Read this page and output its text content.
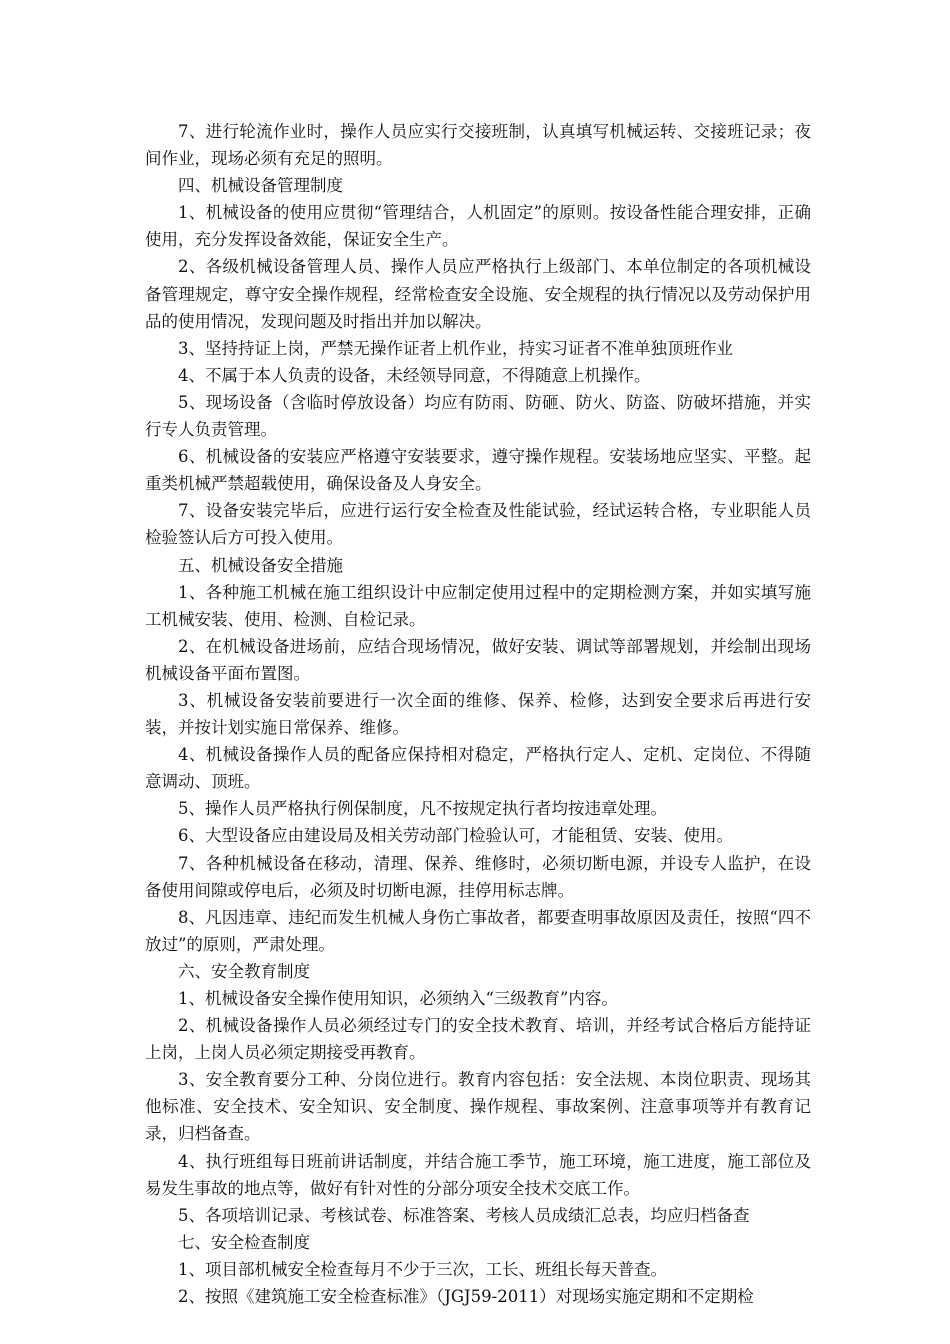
7、进行轮流作业时，操作人员应实行交接班制，认真填写机械运转、交接班记录；夜间作业，现场必须有充足的照明。

四、机械设备管理制度

1、机械设备的使用应贯彻“管理结合，人机固定”的原则。按设备性能合理安排，正确使用，充分发挥设备效能，保证安全生产。

2、各级机械设备管理人员、操作人员应严格执行上级部门、本单位制定的各项机械设备管理规定，尊守安全操作规程，经常检查安全设施、安全规程的执行情况以及劳动保护用品的使用情况，发现问题及时指出并加以解决。

3、坚持持证上岗，严禁无操作证者上机作业，持实习证者不准单独顶班作业

4、不属于本人负责的设备，未经领导同意，不得随意上机操作。

5、现场设备（含临时停放设备）均应有防雨、防砸、防火、防盗、防破坏措施，并实行专人负责管理。

6、机械设备的安装应严格遵守安装要求，遵守操作规程。安装场地应坚实、平整。起重类机械严禁超载使用，确保设备及人身安全。

7、设备安装完毕后，应进行运行安全检查及性能试验，经试运转合格，专业职能人员检验签认后方可投入使用。

五、机械设备安全措施

1、各种施工机械在施工组织设计中应制定使用过程中的定期检测方案，并如实填写施工机械安装、使用、检测、自检记录。

2、在机械设备进场前，应结合现场情况，做好安装、调试等部署规划，并绘制出现场机械设备平面布置图。

3、机械设备安装前要进行一次全面的维修、保养、检修，达到安全要求后再进行安装，并按计划实施日常保养、维修。

4、机械设备操作人员的配备应保持相对稳定，严格执行定人、定机、定岗位、不得随意调动、顶班。

5、操作人员严格执行例保制度，凡不按规定执行者均按违章处理。

6、大型设备应由建设局及相关劳动部门检验认可，才能租赁、安装、使用。

7、各种机械设备在移动，清理、保养、维修时，必须切断电源，并设专人监护，在设备使用间隙或停电后，必须及时切断电源，挂停用标志牌。

8、凡因违章、违纪而发生机械人身伤亡事故者，都要查明事故原因及责任，按照“四不放过”的原则，严肃处理。

六、安全教育制度

1、机械设备安全操作使用知识，必须纳入“三级教育”内容。

2、机械设备操作人员必须经过专门的安全技术教育、培训，并经考试合格后方能持证上岗，上岗人员必须定期接受再教育。

3、安全教育要分工种、分岗位进行。教育内容包括：安全法规、本岗位职责、现场其他标准、安全技术、安全知识、安全制度、操作规程、事故案例、注意事项等并有教育记录，归档备查。

4、执行班组每日班前讲话制度，并结合施工季节，施工环境，施工进度，施工部位及易发生事故的地点等，做好有针对性的分部分项安全技术交底工作。

5、各项培训记录、考核试卷、标准答案、考核人员成绩汇总表，均应归档备查

七、安全检查制度

1、项目部机械安全检查每月不少于三次，工长、班组长每天普查。

2、按照《建筑施工安全检查标准》（JGJ59-2011）对现场实施定期和不定期检
